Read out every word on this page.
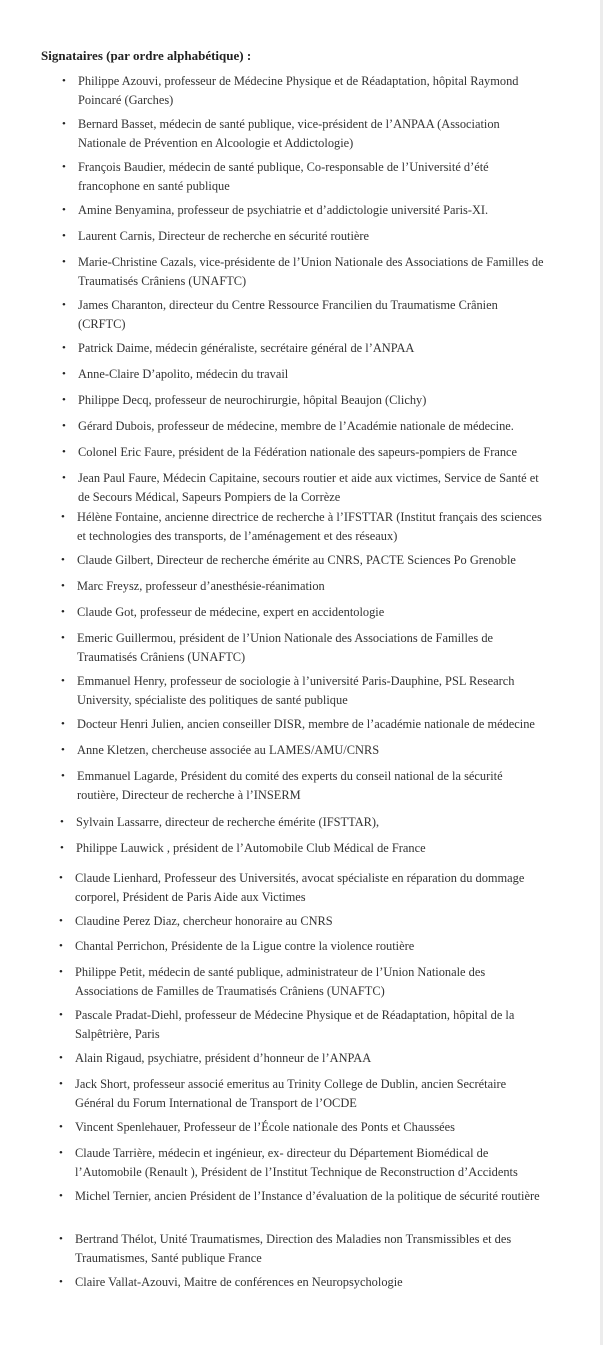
Signataires (par ordre alphabétique) :
• Philippe Azouvi, professeur de Médecine Physique et de Réadaptation, hôpital Raymond Poincaré (Garches)
• Bernard Basset, médecin de santé publique, vice-président de l’ANPAA (Association Nationale de Prévention en Alcoologie et Addictologie)
• François Baudier, médecin de santé publique, Co-responsable de l’Université d’été francophone en santé publique
• Amine Benyamina, professeur de psychiatrie et d’addictologie université Paris-XI.
• Laurent Carnis, Directeur de recherche en sécurité routière
• Marie-Christine Cazals, vice-présidente de l’Union Nationale des Associations de Familles de Traumatisés Crâniens (UNAFTC)
• James Charanton, directeur du Centre Ressource Francilien du Traumatisme Crânien (CRFTC)
• Patrick Daime, médecin généraliste, secrétaire général de l’ANPAA
• Anne-Claire D’apolito, médecin du travail
• Philippe Decq, professeur de neurochirurgie, hôpital Beaujon (Clichy)
• Gérard Dubois, professeur de médecine, membre de l’Académie nationale de médecine.
• Colonel Eric Faure, président de la Fédération nationale des sapeurs-pompiers de France
• Jean Paul Faure, Médecin Capitaine, secours routier et aide aux victimes, Service de Santé et de Secours Médical, Sapeurs Pompiers de la Corrèze
• Hélène Fontaine, ancienne directrice de recherche à l’IFSTTAR (Institut français des sciences et technologies des transports, de l’aménagement et des réseaux)
• Claude Gilbert, Directeur de recherche émérite au CNRS, PACTE Sciences Po Grenoble
• Marc Freysz, professeur d’anesthésie-réanimation
• Claude Got, professeur de médecine, expert en accidentologie
• Emeric Guillermou, président de l’Union Nationale des Associations de Familles de Traumatisés Crâniens (UNAFTC)
• Emmanuel Henry, professeur de sociologie à l’université Paris-Dauphine, PSL Research University, spécialiste des politiques de santé publique
• Docteur Henri Julien, ancien conseiller DISR, membre de l’académie nationale de médecine
• Anne Kletzen, chercheuse associée au LAMES/AMU/CNRS
• Emmanuel Lagarde, Président du comité des experts du conseil national de la sécurité routière, Directeur de recherche à l’INSERM
• Sylvain Lassarre, directeur de recherche émérite (IFSTTAR),
• Philippe Lauwick , président de l’Automobile Club Médical de France
• Claude Lienhard, Professeur des Universités, avocat spécialiste en réparation du dommage corporel, Président de Paris Aide aux Victimes
• Claudine Perez Diaz, chercheur honoraire au CNRS
• Chantal Perrichon, Présidente de la Ligue contre la violence routière
• Philippe Petit, médecin de santé publique, administrateur de l’Union Nationale des Associations de Familles de Traumatisés Crâniens (UNAFTC)
• Pascale Pradat-Diehl, professeur de Médecine Physique et de Réadaptation, hôpital de la Salpêtrière, Paris
• Alain Rigaud, psychiatre, président d’honneur de l’ANPAA
• Jack Short, professeur associé emeritus au Trinity College de Dublin, ancien Secrétaire Général du Forum International de Transport de l’OCDE
• Vincent Spenlehauer, Professeur de l’École nationale des Ponts et Chaussées
• Claude Tarrière, médecin et ingénieur, ex- directeur du Département Biomédical de l’Automobile (Renault ), Président de l’Institut Technique de Reconstruction d’Accidents
• Michel Ternier, ancien Président de l’Instance d’évaluation de la politique de sécurité routière
• Bertrand Thélot, Unité Traumatismes, Direction des Maladies non Transmissibles et des Traumatismes, Santé publique France
• Claire Vallat-Azouvi, Maitre de conférences en Neuropsychologie
